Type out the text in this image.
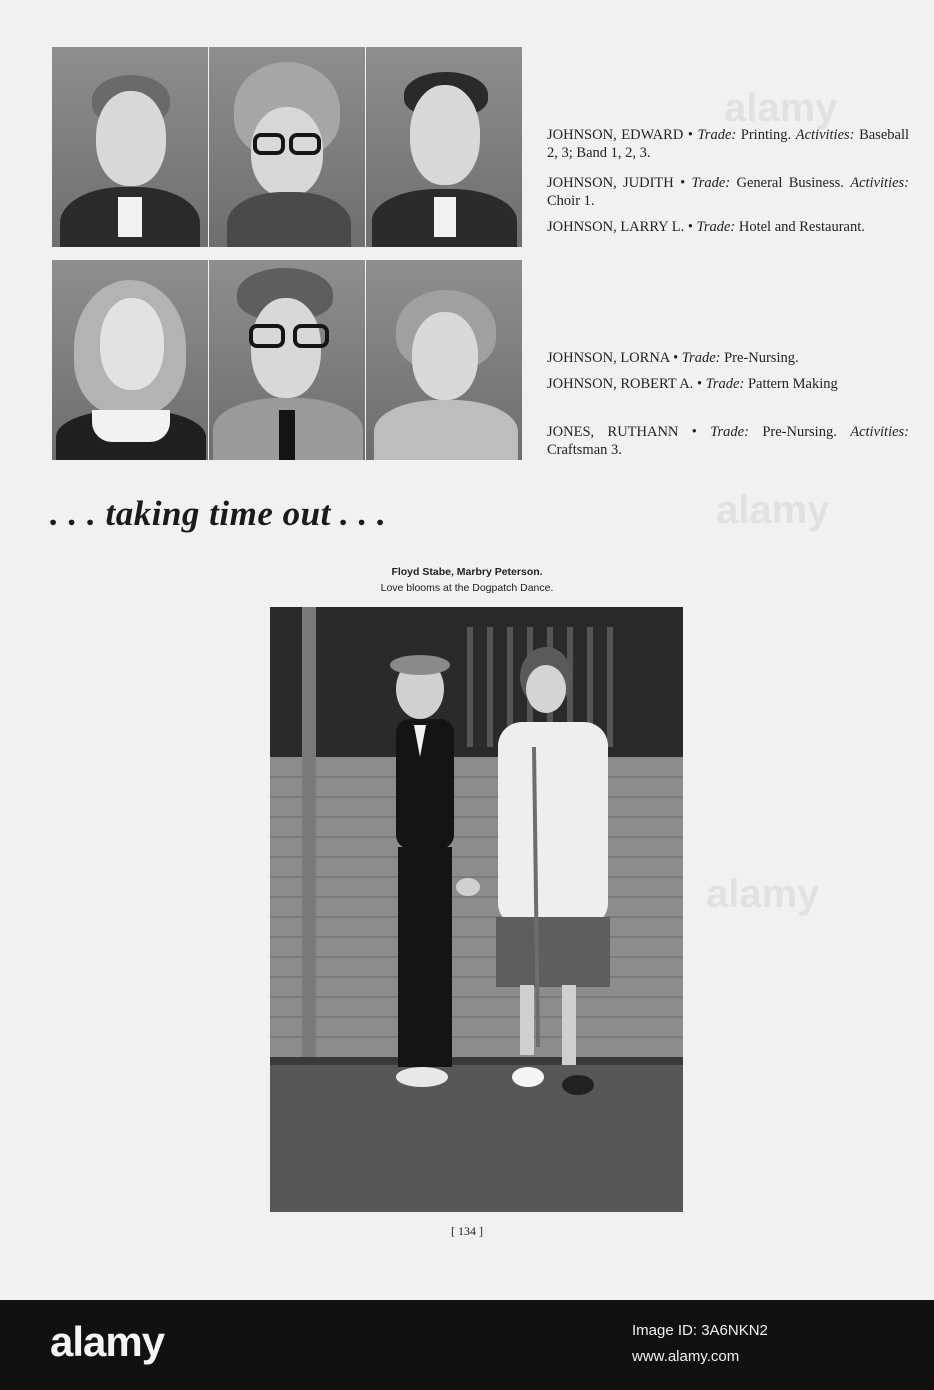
JOHNSON, EDWARD • Trade: Printing. Activities: Baseball 2, 3; Band 1, 2, 3.

JOHNSON, JUDITH • Trade: General Business. Activities: Choir 1.

JOHNSON, LARRY L. • Trade: Hotel and Restaurant.

JOHNSON, LORNA • Trade: Pre-Nursing.

JOHNSON, ROBERT A. • Trade: Pattern Making

JONES, RUTHANN • Trade: Pre-Nursing. Activities: Craftsman 3.

. . . taking time out . . .
Floyd Stabe, Marbry Peterson.
Love blooms at the Dogpatch Dance.
[ 134 ]
alamy
alamy
alamy
alamy	Image ID: 3A6NKN2
www.alamy.com
